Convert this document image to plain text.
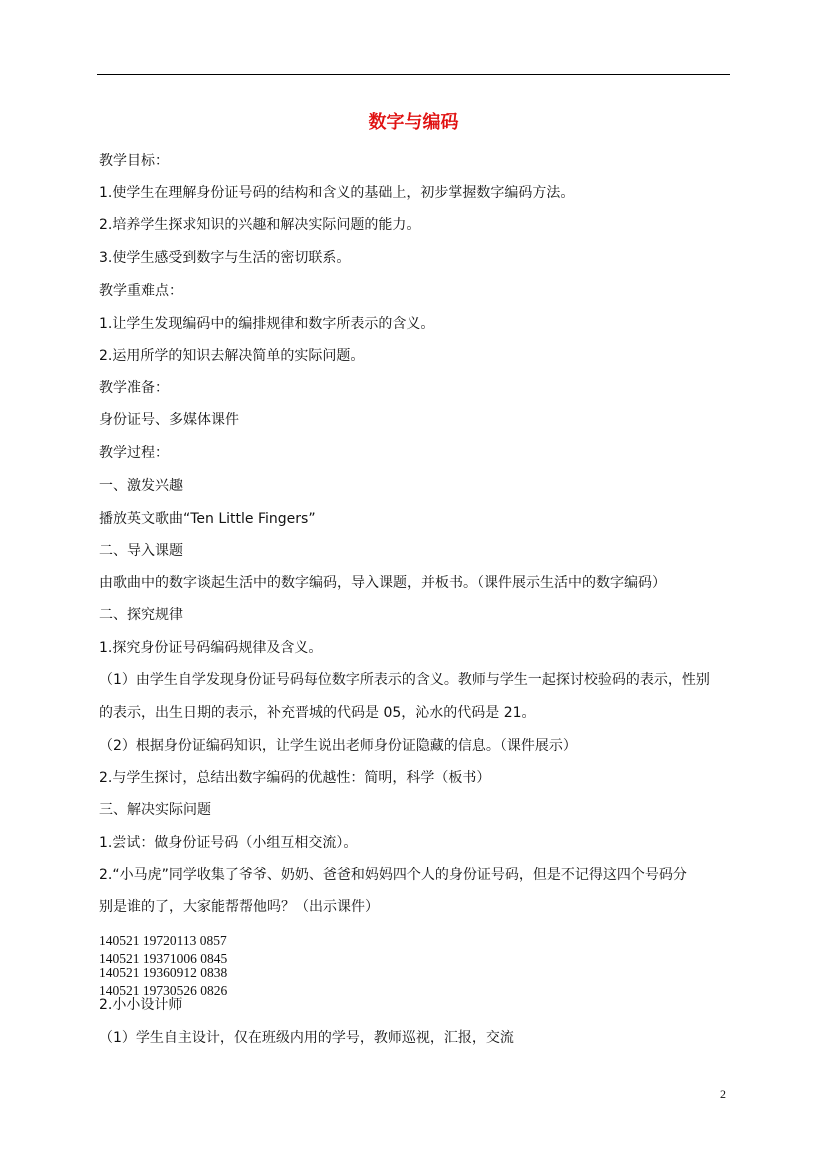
数字与编码
教学目标：
1.使学生在理解身份证号码的结构和含义的基础上，初步掌握数字编码方法。
2.培养学生探求知识的兴趣和解决实际问题的能力。
3.使学生感受到数字与生活的密切联系。
教学重难点：
1.让学生发现编码中的编排规律和数字所表示的含义。
2.运用所学的知识去解决简单的实际问题。
教学准备：
身份证号、多媒体课件
教学过程：
一、激发兴趣
播放英文歌曲“Ten Little Fingers”
二、导入课题
由歌曲中的数字谈起生活中的数字编码，导入课题，并板书。（课件展示生活中的数字编码）
二、探究规律
1.探究身份证号码编码规律及含义。
（1）由学生自学发现身份证号码每位数字所表示的含义。教师与学生一起探讨校验码的表示，性别
的表示，出生日期的表示，补充晋城的代码是 05，沁水的代码是 21。
（2）根据身份证编码知识，让学生说出老师身份证隐藏的信息。（课件展示）
2.与学生探讨，总结出数字编码的优越性：简明，科学（板书）
三、解决实际问题
1.尝试：做身份证号码（小组互相交流）。
2.“小马虎”同学收集了爷爷、奶奶、爸爸和妈妈四个人的身份证号码，但是不记得这四个号码分
别是谁的了，大家能帮帮他吗？（出示课件）
140521 19720113 0857140521 19371006 0845
140521 19360912 0838140521 19730526 0826
2.小小设计师
（1）学生自主设计，仅在班级内用的学号，教师巡视，汇报，交流
2
